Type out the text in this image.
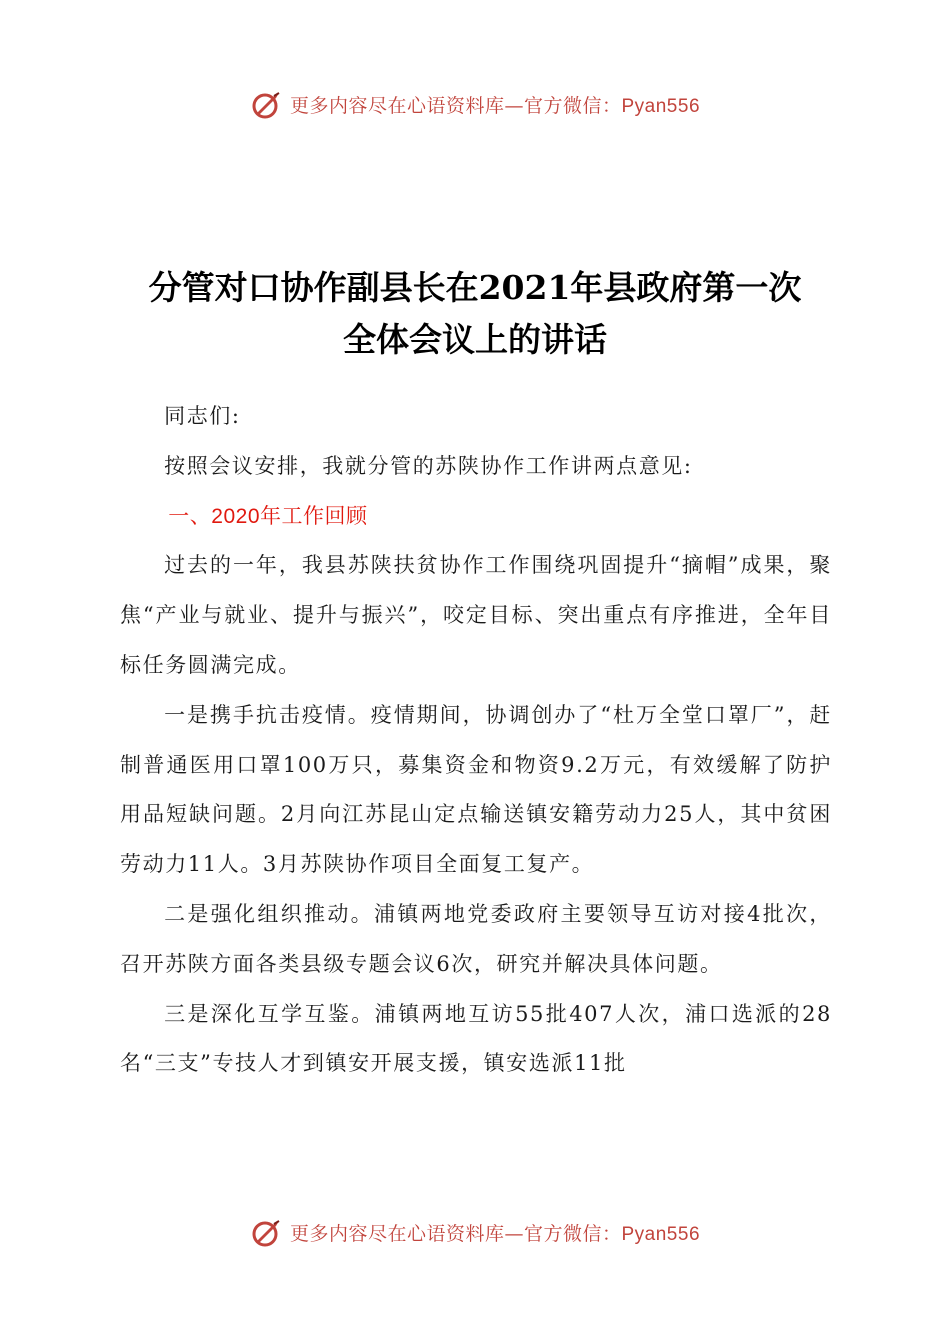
更多内容尽在心语资料库—官方微信：Pyan556
分管对口协作副县长在2021年县政府第一次
全体会议上的讲话

同志们:

按照会议安排，我就分管的苏陕协作工作讲两点意见:

一、2020年工作回顾

过去的一年，我县苏陕扶贫协作工作围绕巩固提升“摘帽”成果，聚焦“产业与就业、提升与振兴”，咬定目标、突出重点有序推进，全年目标任务圆满完成。

一是携手抗击疫情。疫情期间，协调创办了“杜万全堂口罩厂”，赶制普通医用口罩100万只，募集资金和物资9.2万元，有效缓解了防护用品短缺问题。2月向江苏昆山定点输送镇安籍劳动力25人，其中贫困劳动力11人。3月苏陕协作项目全面复工复产。

二是强化组织推动。浦镇两地党委政府主要领导互访对接4批次，召开苏陕方面各类县级专题会议6次，研究并解决具体问题。

三是深化互学互鉴。浦镇两地互访55批407人次，浦口选派的28名“三支”专技人才到镇安开展支援，镇安选派11批

更多内容尽在心语资料库—官方微信：Pyan556
